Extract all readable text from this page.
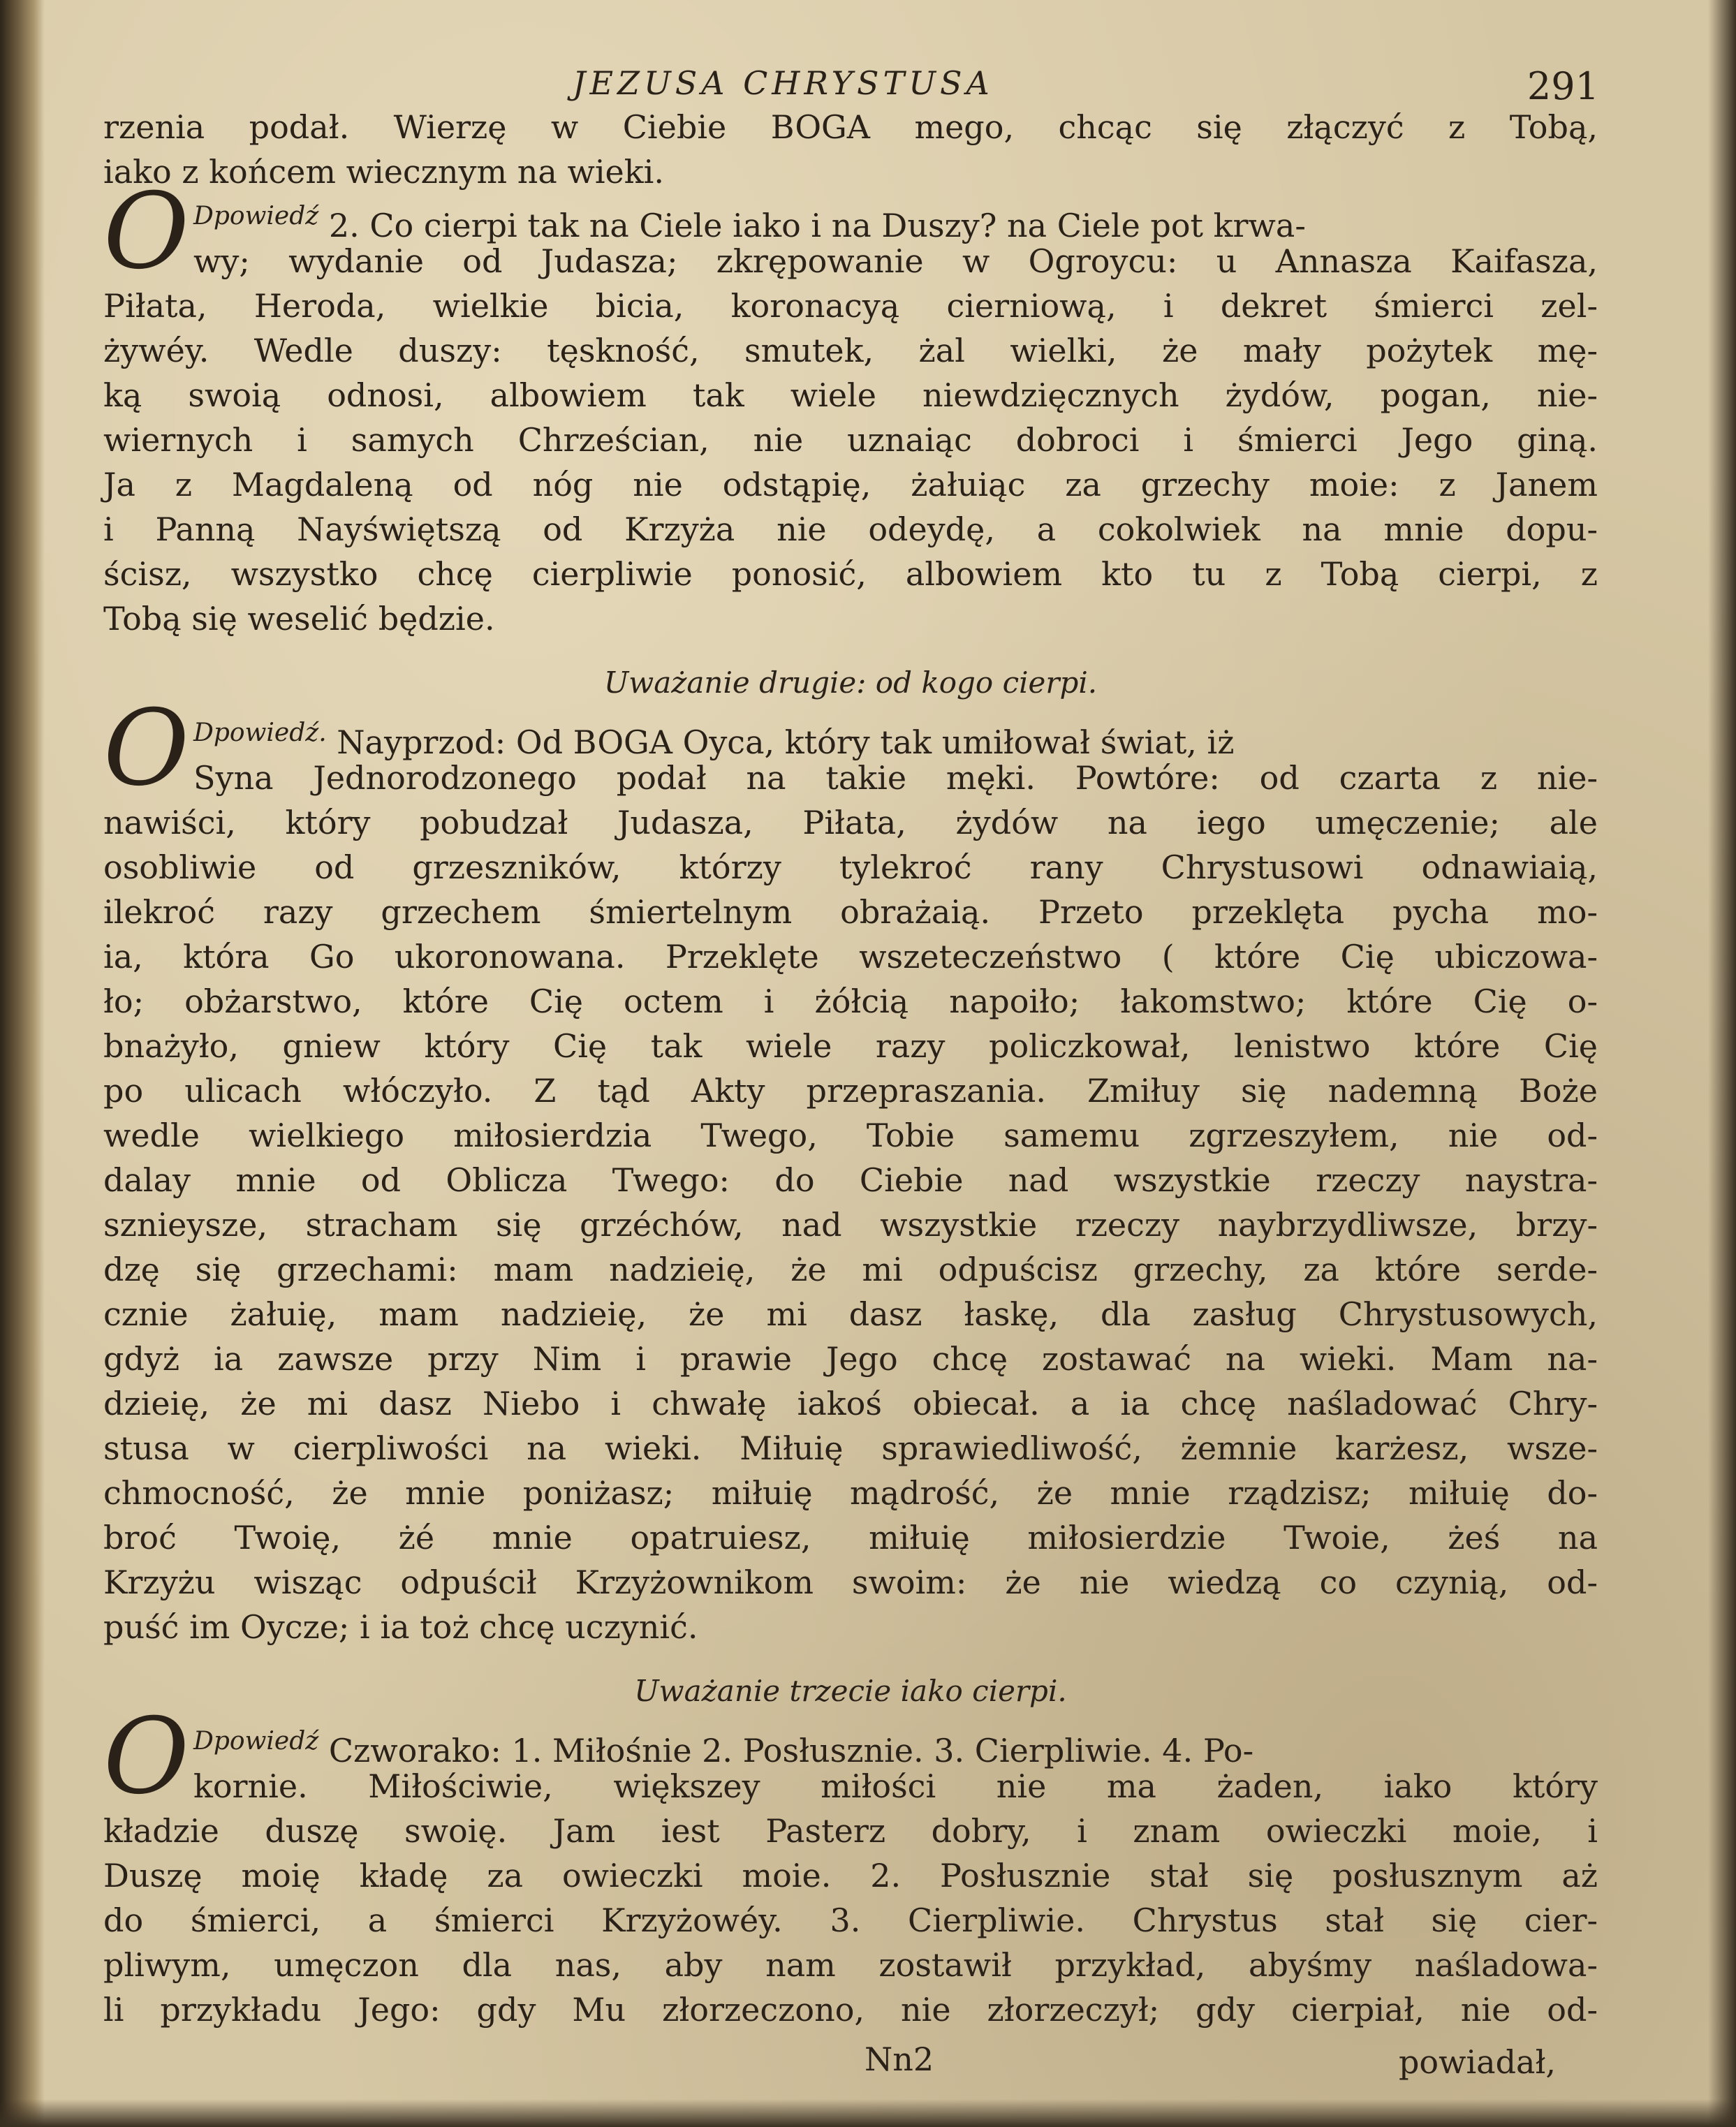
JEZUSA CHRYSTUSA	291
rzenia podał. Wierzę w Ciebie BOGA mego, chcąc się złączyć z Tobą,
iako z końcem wiecznym na wieki.
O $^{Dpowiedź}$ 2. Co cierpi tak na Ciele iako i na Duszy? na Ciele pot krwa-
wy; wydanie od Judasza; zkrępowanie w Ogroycu: u Annasza Kaifasza,
Piłata, Heroda, wielkie bicia, koronacyą cierniową, i dekret śmierci zel-
żywéy. Wedle duszy: tęskność, smutek, żal wielki, że mały pożytek mę-
ką swoią odnosi, albowiem tak wiele niewdzięcznych żydów, pogan, nie-
wiernych i samych Chrześcian, nie uznaiąc dobroci i śmierci Jego giną.
Ja z Magdaleną od nóg nie odstąpię, żałuiąc za grzechy moie: z Janem
i Panną Nayświętszą od Krzyża nie odeydę, a cokolwiek na mnie dopu-
ścisz, wszystko chcę cierpliwie ponosić, albowiem kto tu z Tobą cierpi, z
Tobą się weselić będzie.
Uważanie drugie: od kogo cierpi.
O $^{Dpowiedź.}$ Nayprzod: Od BOGA Oyca, który tak umiłował świat, iż
Syna Jednorodzonego podał na takie męki. Powtóre: od czarta z nie-
nawiści, który pobudzał Judasza, Piłata, żydów na iego umęczenie; ale
osobliwie od grzeszników, którzy tylekroć rany Chrystusowi odnawiaią,
ilekroć razy grzechem śmiertelnym obrażaią. Przeto przeklęta pycha mo-
ia, która Go ukoronowana. Przeklęte wszeteczeństwo ( które Cię ubiczowa-
ło; obżarstwo, które Cię octem i żółcią napoiło; łakomstwo; które Cię o-
bnażyło, gniew który Cię tak wiele razy policzkował, lenistwo które Cię
po ulicach włóczyło. Z tąd Akty przepraszania. Zmiłuy się nademną Boże
wedle wielkiego miłosierdzia Twego, Tobie samemu zgrzeszyłem, nie od-
dalay mnie od Oblicza Twego: do Ciebie nad wszystkie rzeczy naystra-
sznieysze, stracham się grzéchów, nad wszystkie rzeczy naybrzydliwsze, brzy-
dzę się grzechami: mam nadzieię, że mi odpuścisz grzechy, za które serde-
cznie żałuię, mam nadzieię, że mi dasz łaskę, dla zasług Chrystusowych,
gdyż ia zawsze przy Nim i prawie Jego chcę zostawać na wieki. Mam na-
dzieię, że mi dasz Niebo i chwałę iakoś obiecał. a ia chcę naśladować Chry-
stusa w cierpliwości na wieki. Miłuię sprawiedliwość, żemnie karżesz, wsze-
chmocność, że mnie poniżasz; miłuię mądrość, że mnie rządzisz; miłuię do-
broć Twoię, żé mnie opatruiesz, miłuię miłosierdzie Twoie, żeś na
Krzyżu wisząc odpuścił Krzyżownikom swoim: że nie wiedzą co czynią, od-
puść im Oycze; i ia toż chcę uczynić.
Uważanie trzecie iako cierpi.
O $^{Dpowiedź}$ Czworako: 1. Miłośnie 2. Posłusznie. 3. Cierpliwie. 4. Po-
kornie. Miłościwie, większey miłości nie ma żaden, iako który
kładzie duszę swoię. Jam iest Pasterz dobry, i znam owieczki moie, i
Duszę moię kładę za owieczki moie. 2. Posłusznie stał się posłusznym aż
do śmierci, a śmierci Krzyżowéy. 3. Cierpliwie. Chrystus stał się cier-
pliwym, umęczon dla nas, aby nam zostawił przykład, abyśmy naśladowa-
li przykładu Jego: gdy Mu złorzeczono, nie złorzeczył; gdy cierpiał, nie od-
Nn2	powiadał,
